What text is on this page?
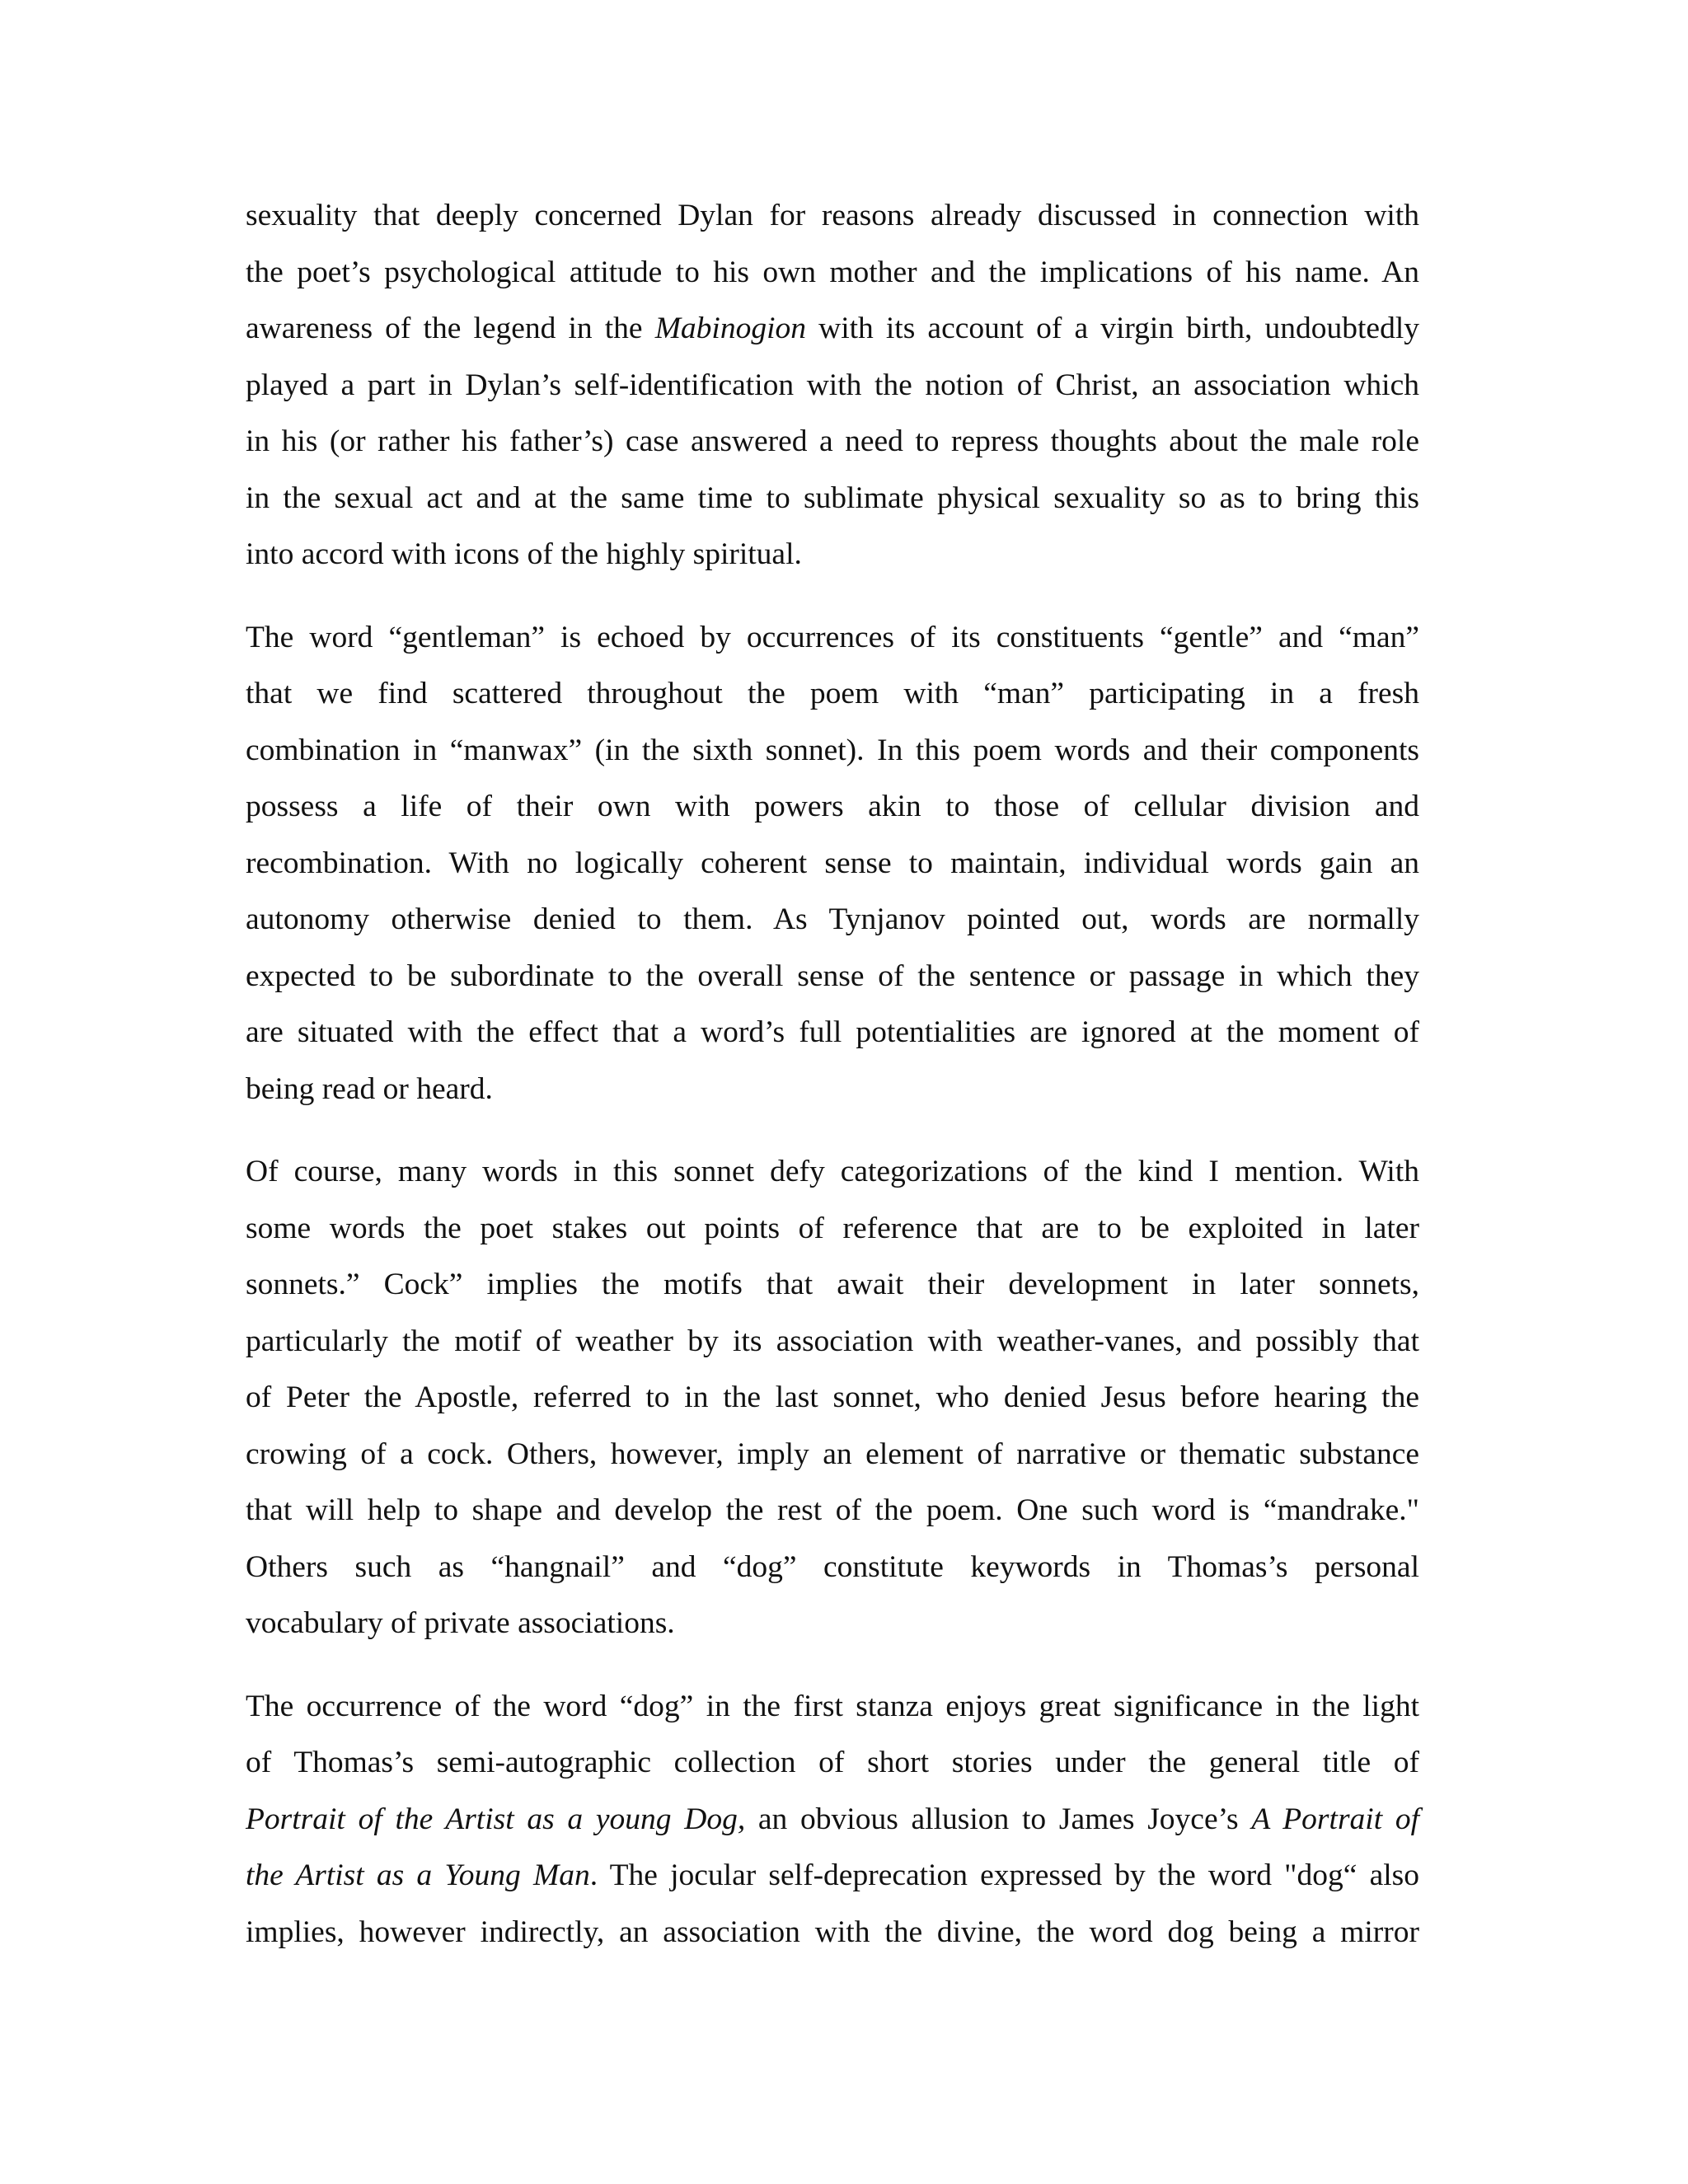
sexuality that deeply concerned Dylan for reasons already discussed in connection with
the poet’s psychological attitude to his own mother and the implications of his name. An
awareness of the legend in the Mabinogion with its account of a virgin birth, undoubtedly
played a part in Dylan’s self-identification with the notion of Christ, an association which
in his (or rather his father’s) case answered a need to repress thoughts about the male role
in the sexual act and at the same time to sublimate physical sexuality so as to bring this
into accord with icons of the highly spiritual.

The word “gentleman” is echoed by occurrences of its constituents “gentle” and “man”
that we find scattered throughout the poem with “man” participating in a fresh
combination in “manwax” (in the sixth sonnet). In this poem words and their components
possess a life of their own with powers akin to those of cellular division and
recombination. With no logically coherent sense to maintain, individual words gain an
autonomy otherwise denied to them. As Tynjanov pointed out, words are normally
expected to be subordinate to the overall sense of the sentence or passage in which they
are situated with the effect that a word’s full potentialities are ignored at the moment of
being read or heard.

Of course, many words in this sonnet defy categorizations of the kind I mention. With
some words the poet stakes out points of reference that are to be exploited in later
sonnets.” Cock” implies the motifs that await their development in later sonnets,
particularly the motif of weather by its association with weather-vanes, and possibly that
of Peter the Apostle, referred to in the last sonnet, who denied Jesus before hearing the
crowing of a cock. Others, however, imply an element of narrative or thematic substance
that will help to shape and develop the rest of the poem. One such word is “mandrake."
Others such as “hangnail” and “dog” constitute keywords in Thomas’s personal
vocabulary of private associations.

The occurrence of the word “dog” in the first stanza enjoys great significance in the light
of Thomas’s semi-autographic collection of short stories under the general title of
Portrait of the Artist as a young Dog, an obvious allusion to James Joyce’s A Portrait of
the Artist as a Young Man. The jocular self-deprecation expressed by the word "dog“ also
implies, however indirectly, an association with the divine, the word dog being a mirror
